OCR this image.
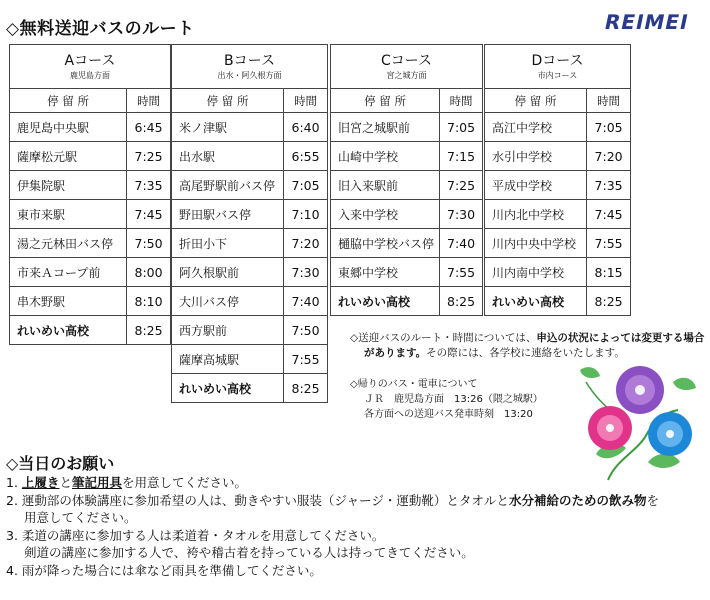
◇無料送迎バスのルート	REIMEI
Aコース
鹿児島方面	

停 留 所	時間
鹿児島中央駅	6:45
薩摩松元駅	7:25
伊集院駅	7:35
東市来駅	7:45
湯之元林田バス停	7:50
市来Ａコープ前	8:00
串木野駅	8:10
れいめい高校	8:25
Bコース
出水・阿久根方面	

停 留 所	時間
米ノ津駅	6:40
出水駅	6:55
高尾野駅前バス停	7:05
野田駅バス停	7:10
折田小下	7:20
阿久根駅前	7:30
大川バス停	7:40
西方駅前	7:50
薩摩高城駅	7:55
れいめい高校	8:25
Cコース
宮之城方面	

停 留 所	時間
旧宮之城駅前	7:05
山崎中学校	7:15
旧入来駅前	7:25
入来中学校	7:30
樋脇中学校バス停	7:40
東郷中学校	7:55
れいめい高校	8:25
Dコース
市内コース	

停 留 所	時間
高江中学校	7:05
水引中学校	7:20
平成中学校	7:35
川内北中学校	7:45
川内中央中学校	7:55
川内南中学校	8:15
れいめい高校	8:25
◇送迎バスのルート・時間については、申込の状況によっては変更する場合
があります。その際には、各学校に連絡をいたします。
◇帰りのバス・電車について
ＪＲ　鹿児島方面　13:26（隈之城駅）
各方面への送迎バス発車時刻　13:20
◇当日のお願い
1. 上履きと筆記用具を用意してください。
2. 運動部の体験講座に参加希望の人は、動きやすい服装（ジャージ・運動靴）とタオルと水分補給のための飲み物を
用意してください。
3. 柔道の講座に参加する人は柔道着・タオルを用意してください。
剣道の講座に参加する人で、袴や稽古着を持っている人は持ってきてください。
4. 雨が降った場合には傘など雨具を準備してください。
